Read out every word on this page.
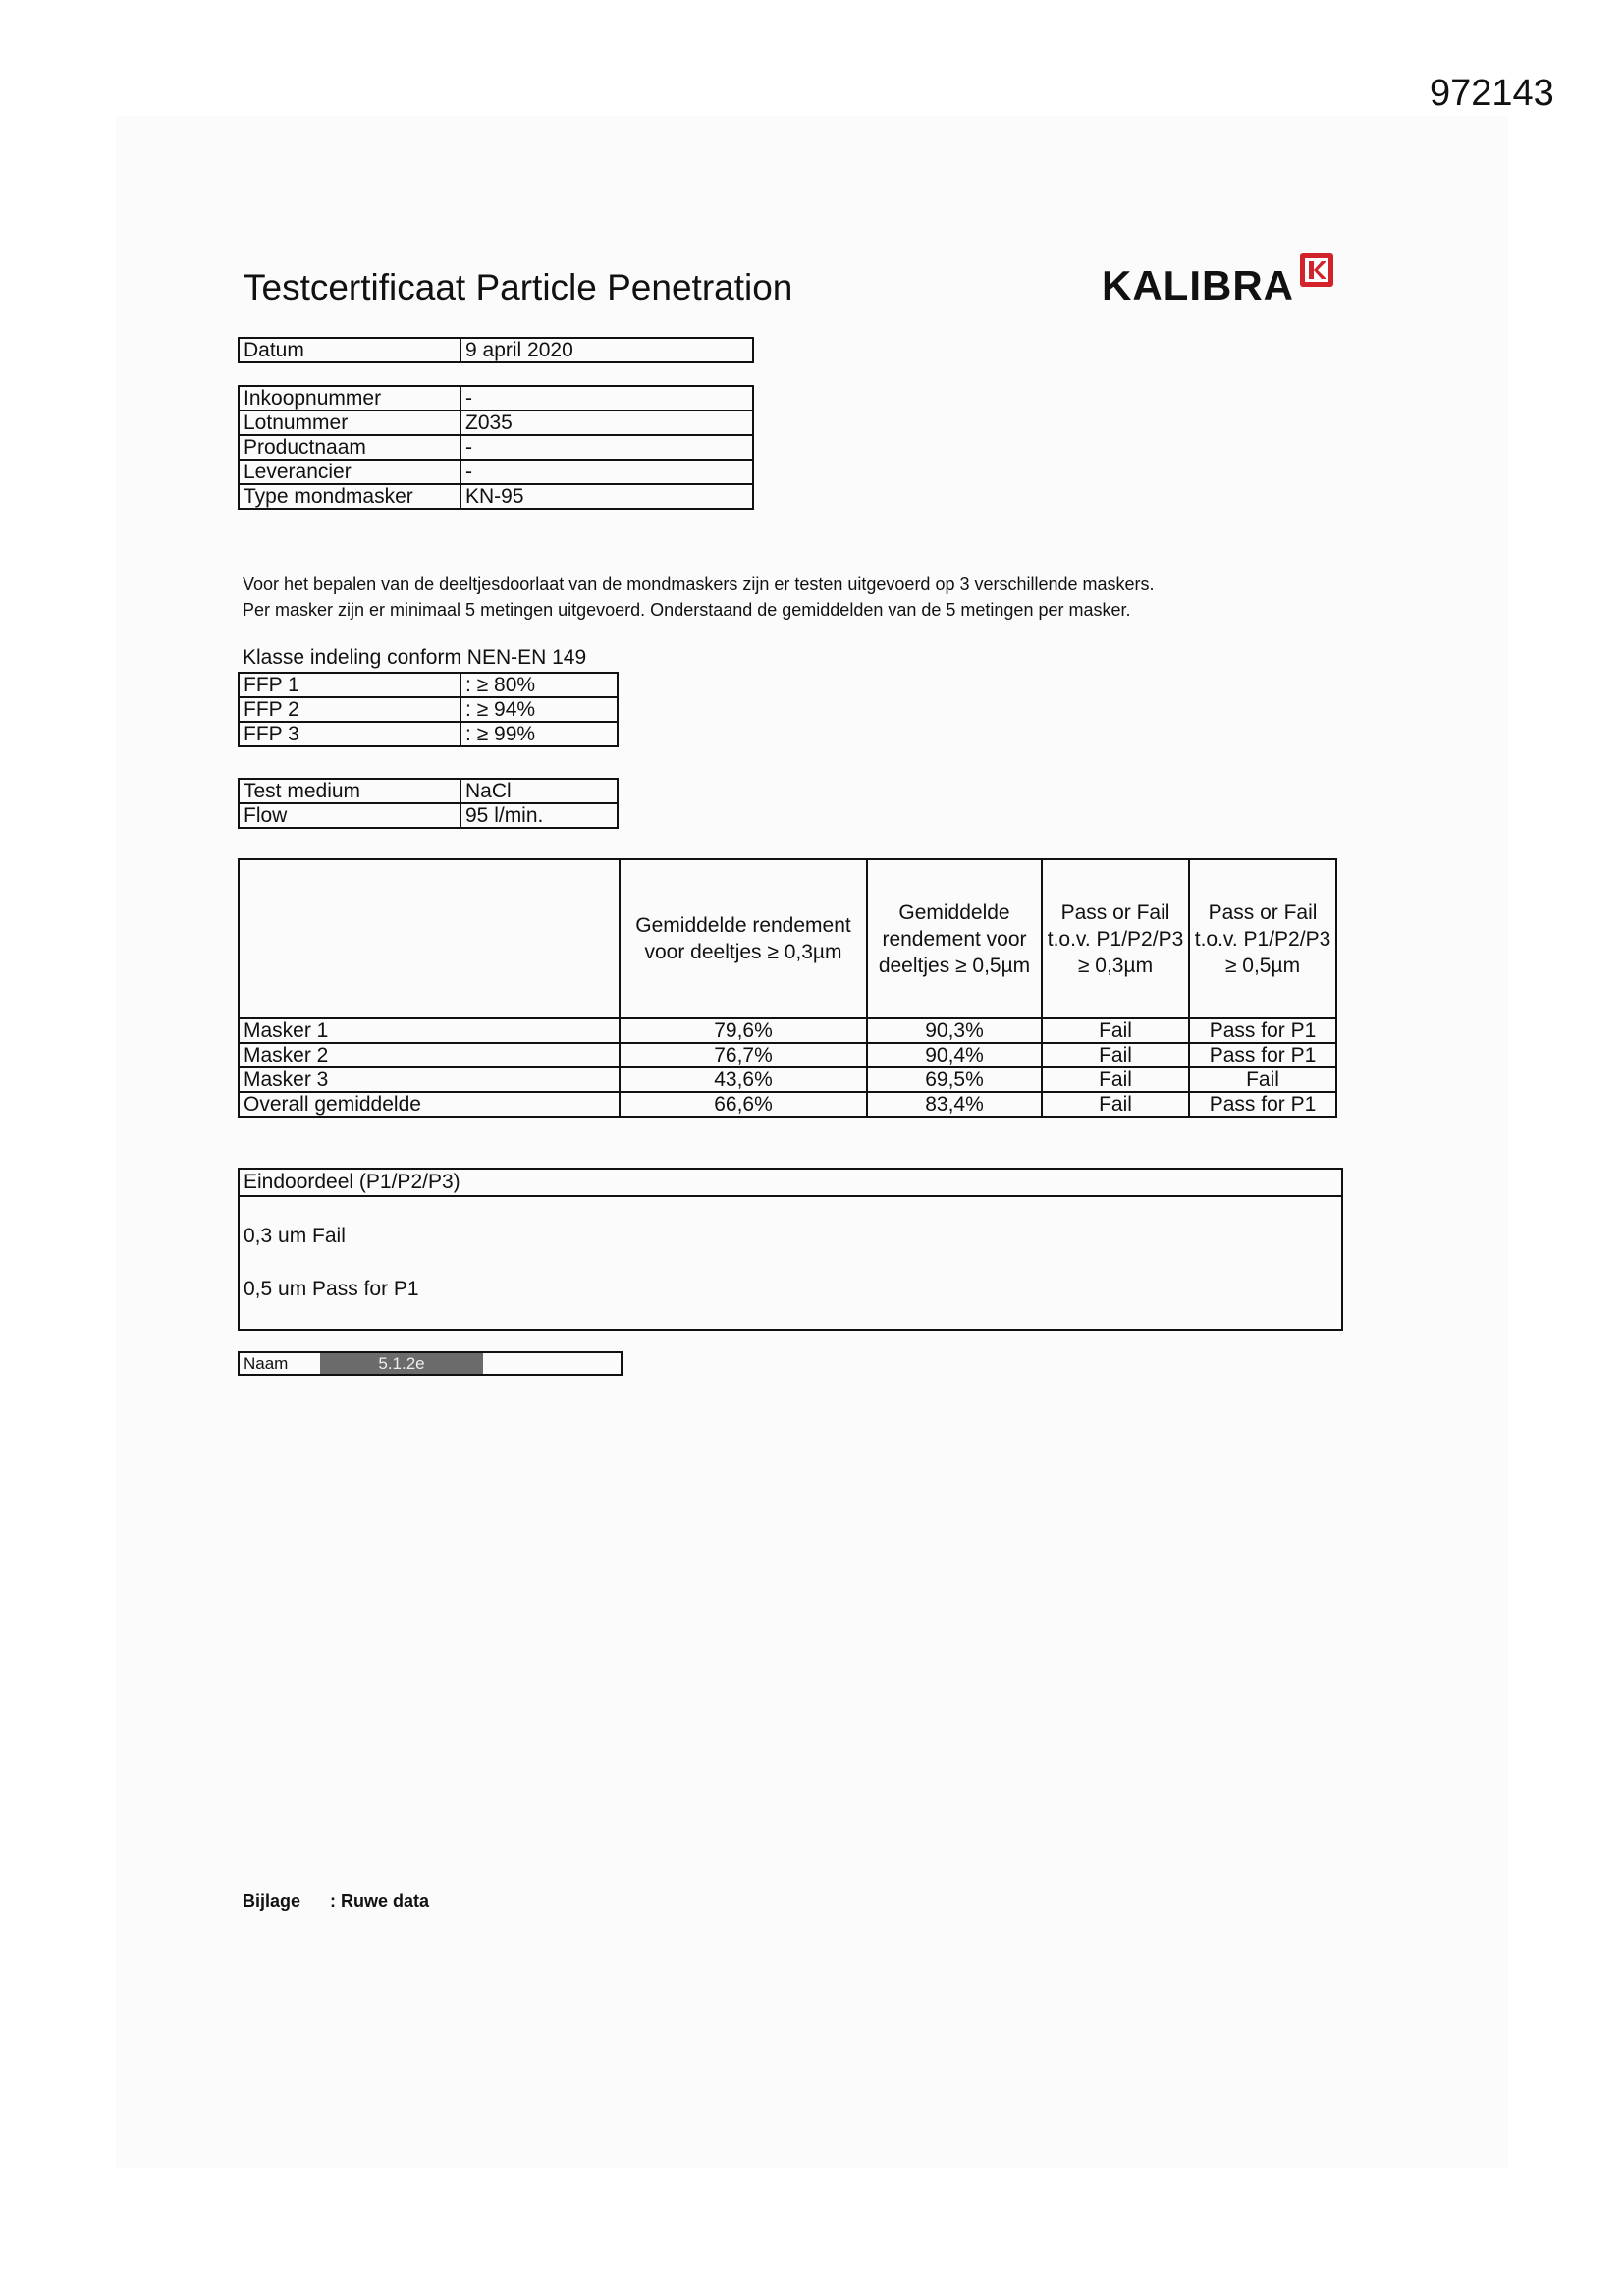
972143
Testcertificaat Particle Penetration	KALIBRA
Datum	9 april 2020
Inkoopnummer	-
Lotnummer	Z035
Productnaam	-
Leverancier	-
Type mondmasker	KN-95
Voor het bepalen van de deeltjesdoorlaat van de mondmaskers zijn er testen uitgevoerd op 3 verschillende maskers.
Per masker zijn er minimaal 5 metingen uitgevoerd. Onderstaand de gemiddelden van de 5 metingen per masker.
Klasse indeling conform NEN-EN 149
FFP 1	: ≥ 80%
FFP 2	: ≥ 94%
FFP 3	: ≥ 99%
Test medium	NaCl
Flow	95 l/min.
	Gemiddelde rendement voor deeltjes ≥ 0,3µm	Gemiddelde rendement voor deeltjes ≥ 0,5µm	Pass or Fail t.o.v. P1/P2/P3 ≥ 0,3µm	Pass or Fail t.o.v. P1/P2/P3 ≥ 0,5µm
Masker 1	79,6%	90,3%	Fail	Pass for P1
Masker 2	76,7%	90,4%	Fail	Pass for P1
Masker 3	43,6%	69,5%	Fail	Fail
Overall gemiddelde	66,6%	83,4%	Fail	Pass for P1
Eindoordeel (P1/P2/P3)
0,3 um Fail
0,5 um Pass for P1
Naam	5.1.2e
Bijlage : Ruwe data
